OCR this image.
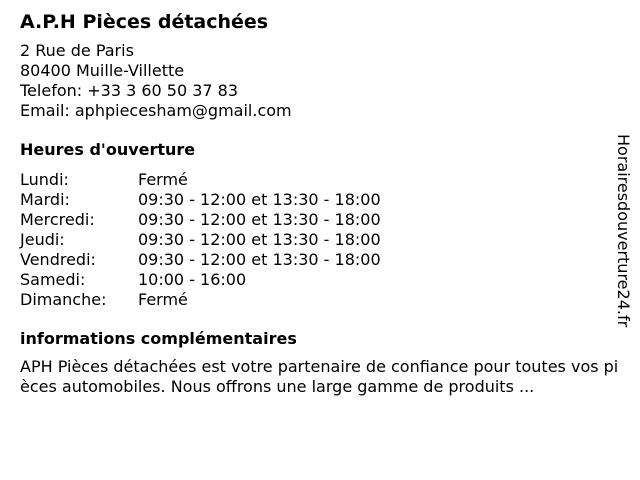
A.P.H Pièces détachées
2 Rue de Paris
80400 Muille-Villette
Telefon: +33 3 60 50 37 83
Email: aphpiecesham@gmail.com
Heures d'ouverture
Lundi:	Fermé
Mardi:	09:30 - 12:00 et 13:30 - 18:00
Mercredi:	09:30 - 12:00 et 13:30 - 18:00
Jeudi:	09:30 - 12:00 et 13:30 - 18:00
Vendredi:	09:30 - 12:00 et 13:30 - 18:00
Samedi:	10:00 - 16:00
Dimanche:	Fermé
informations complémentaires
APH Pièces détachées est votre partenaire de confiance pour toutes vos pièces automobiles. Nous offrons une large gamme de produits ...
Horairesdouverture24.fr
